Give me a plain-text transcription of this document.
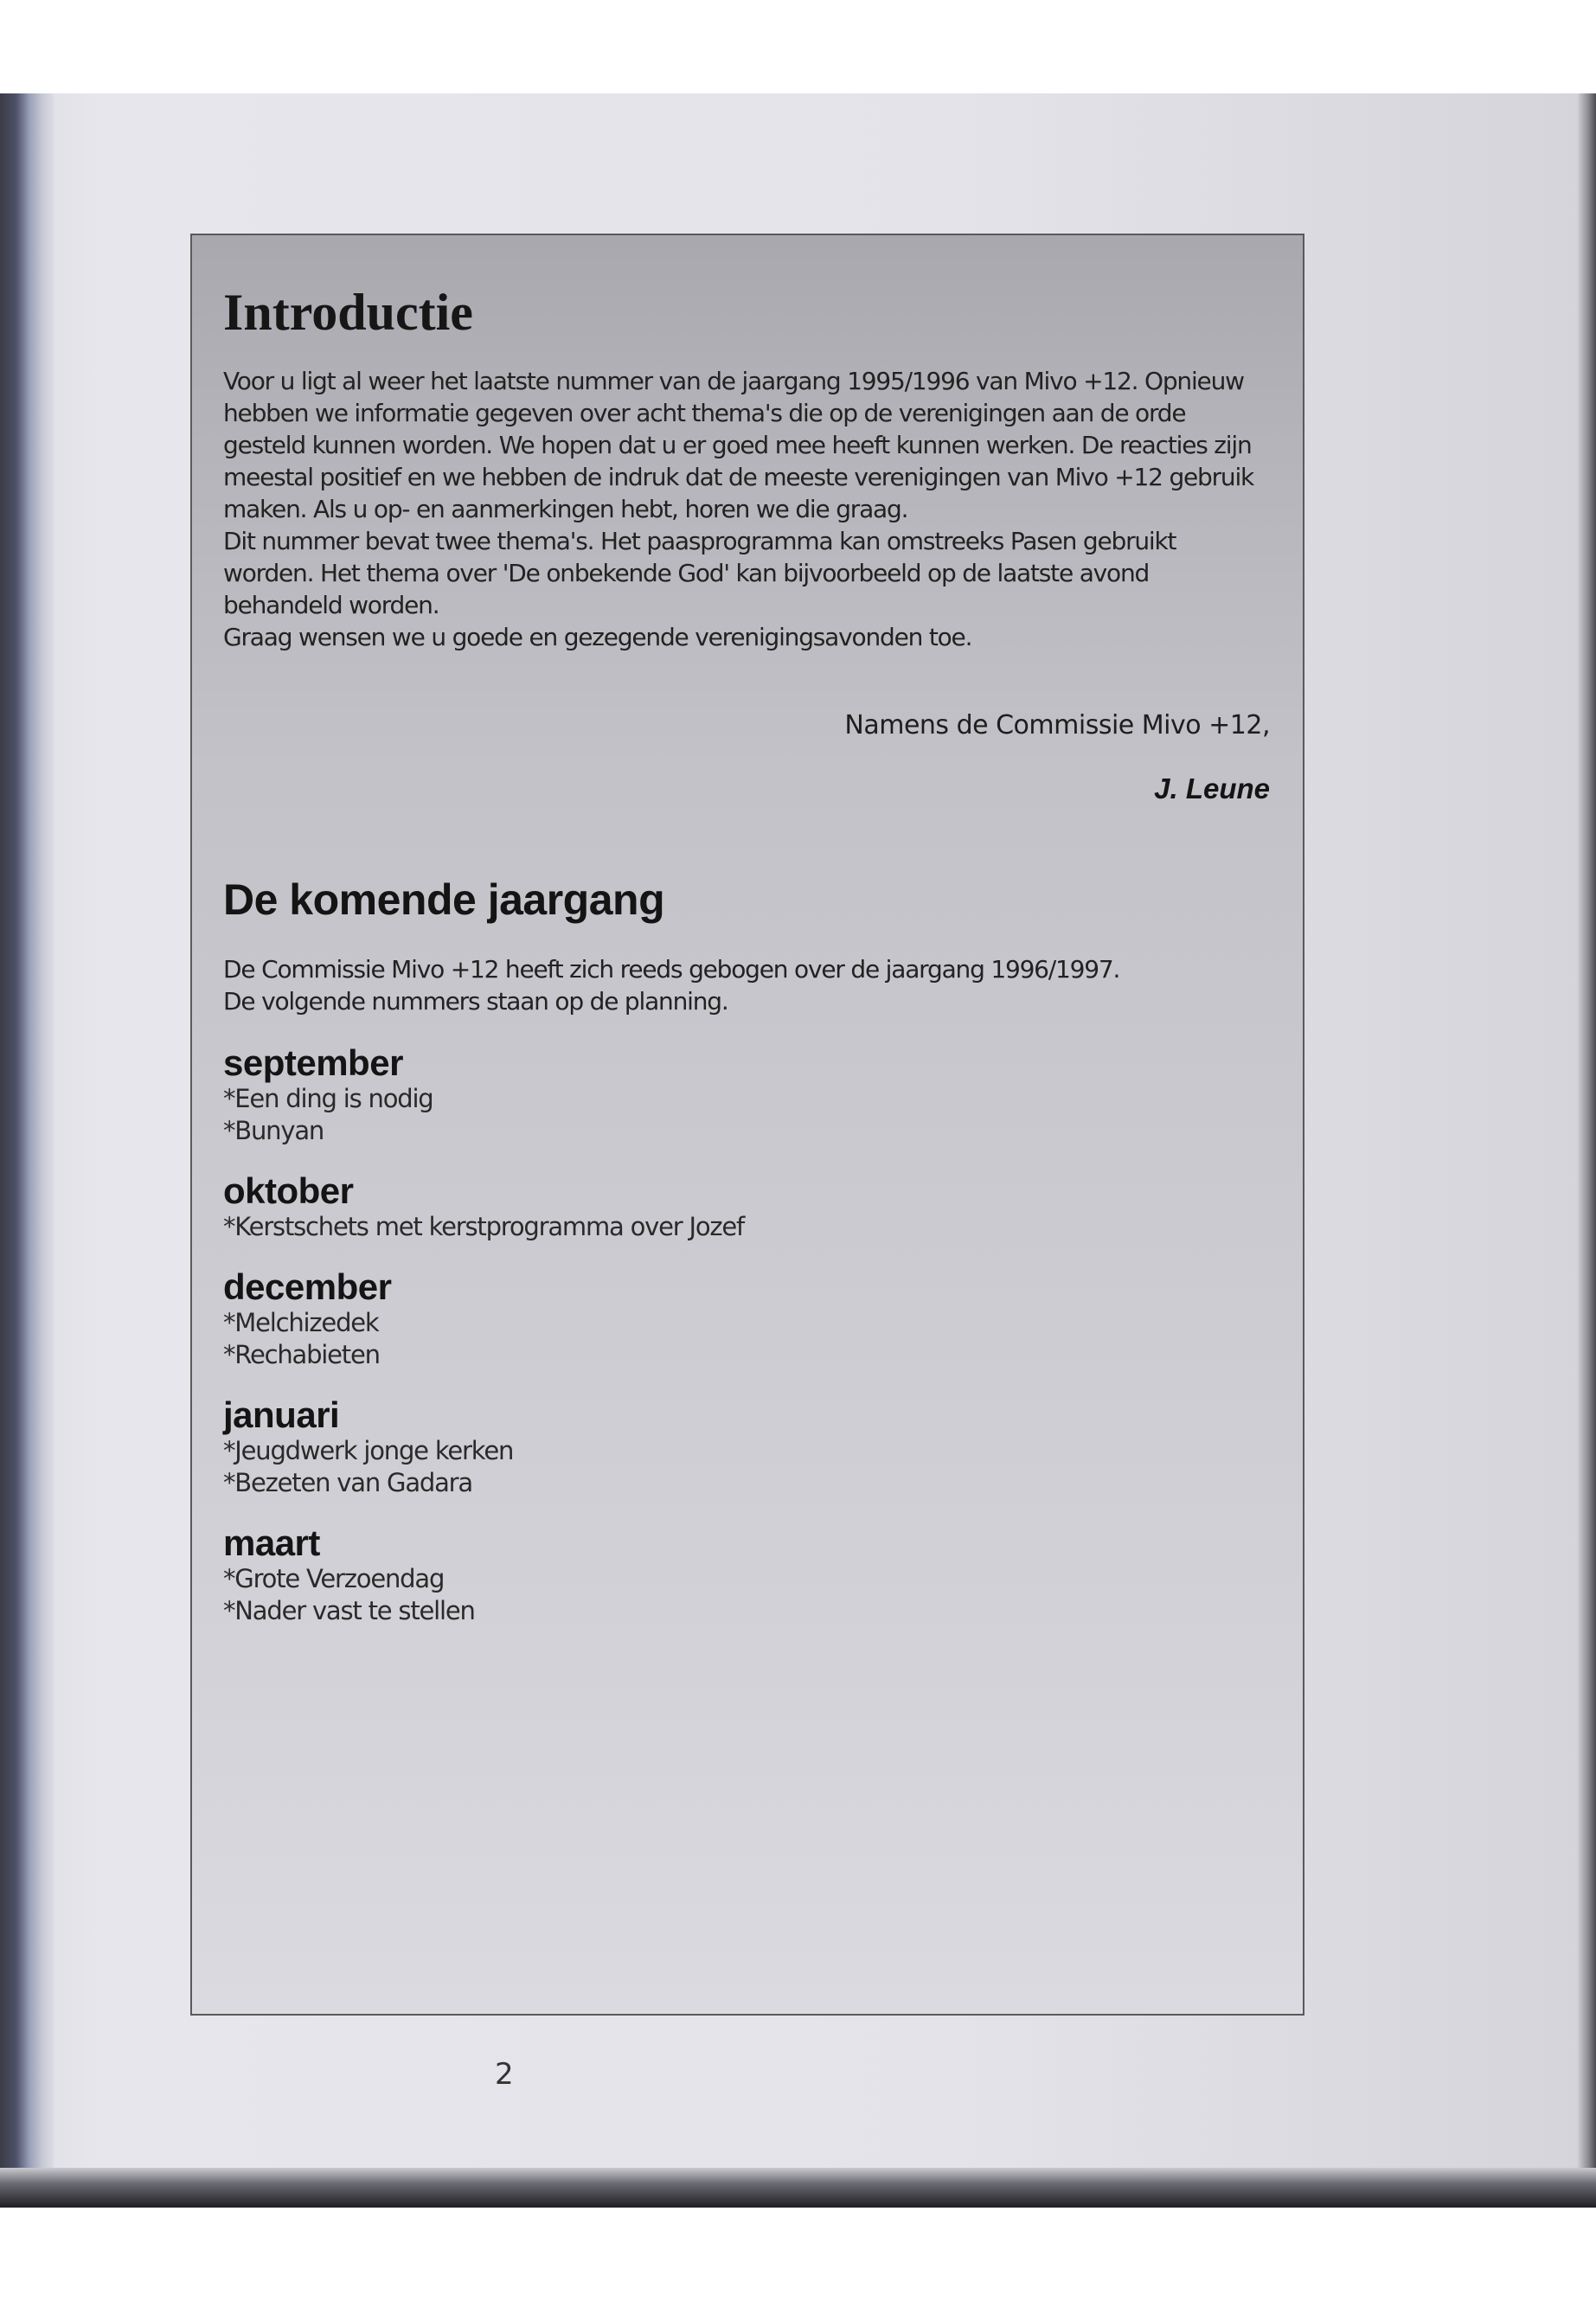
Introductie

Voor u ligt al weer het laatste nummer van de jaargang 1995/1996 van Mivo +12. Opnieuw hebben we informatie gegeven over acht thema's die op de verenigingen aan de orde gesteld kunnen worden. We hopen dat u er goed mee heeft kunnen werken. De reacties zijn meestal positief en we hebben de indruk dat de meeste verenigingen van Mivo +12 gebruik maken. Als u op- en aanmerkingen hebt, horen we die graag.

Dit nummer bevat twee thema's. Het paasprogramma kan omstreeks Pasen gebruikt worden. Het thema over 'De onbekende God' kan bijvoorbeeld op de laatste avond behandeld worden.

Graag wensen we u goede en gezegende verenigingsavonden toe.

Namens de Commissie Mivo +12,

J. Leune

De komende jaargang

De Commissie Mivo +12 heeft zich reeds gebogen over de jaargang 1996/1997.

De volgende nummers staan op de planning.

september
*Een ding is nodig
*Bunyan
oktober
*Kerstschets met kerstprogramma over Jozef
december
*Melchizedek
*Rechabieten
januari
*Jeugdwerk jonge kerken
*Bezeten van Gadara
maart
*Grote Verzoendag
*Nader vast te stellen
2
